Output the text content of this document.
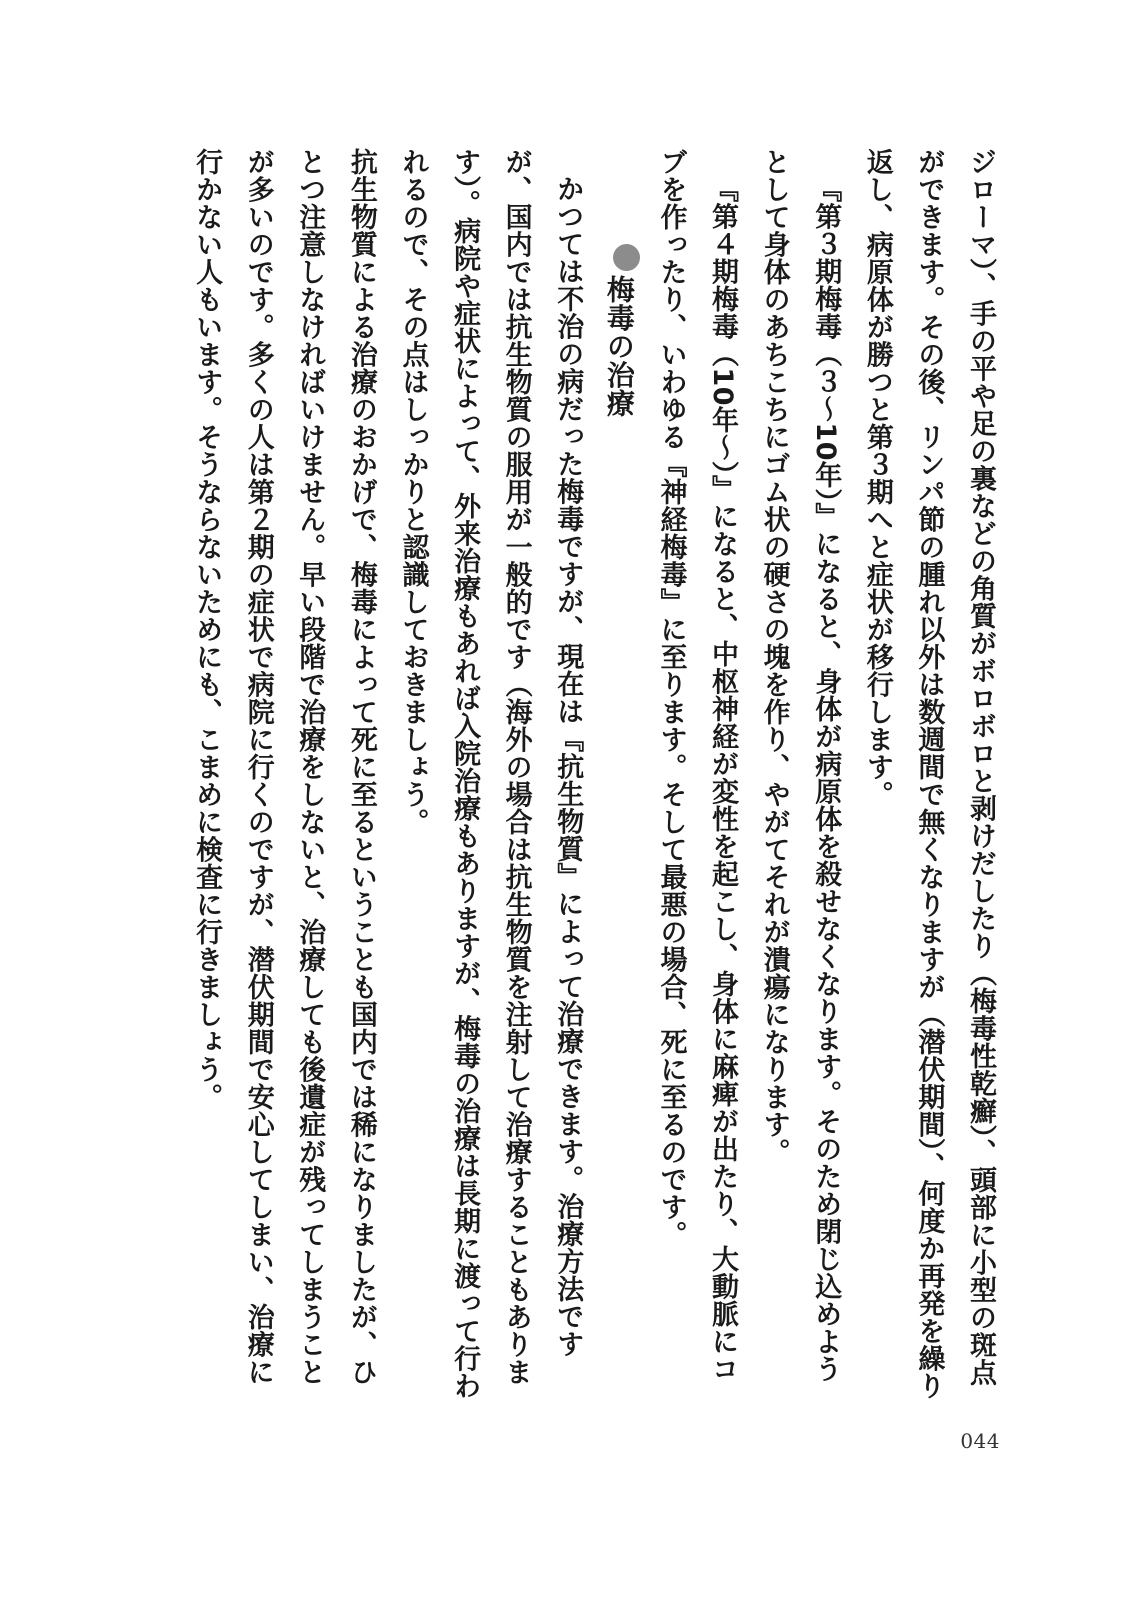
ジローマ）、手の平や足の裏などの角質がボロボロと剥けだしたり（梅毒性乾癬）、頭部に小型の斑点ができます。その後、リンパ節の腫れ以外は数週間で無くなりますが（潜伏期間）、何度か再発を繰り返し、病原体が勝つと第３期へと症状が移行します。

『第３期梅毒（３～10年）』になると、身体が病原体を殺せなくなります。そのため閉じ込めようとして身体のあちこちにゴム状の硬さの塊を作り、やがてそれが潰瘍になります。

『第４期梅毒（10年～）』になると、中枢神経が変性を起こし、身体に麻痺が出たり、大動脈にコブを作ったり、いわゆる『神経梅毒』に至ります。そして最悪の場合、死に至るのです。

梅毒の治療

かつては不治の病だった梅毒ですが、現在は『抗生物質』によって治療できます。治療方法ですが、国内では抗生物質の服用が一般的です（海外の場合は抗生物質を注射して治療することもあります）。病院や症状によって、外来治療もあれば入院治療もありますが、梅毒の治療は長期に渡って行われるので、その点はしっかりと認識しておきましょう。

抗生物質による治療のおかげで、梅毒によって死に至るということも国内では稀になりましたが、ひとつ注意しなければいけません。早い段階で治療をしないと、治療しても後遺症が残ってしまうことが多いのです。多くの人は第２期の症状で病院に行くのですが、潜伏期間で安心してしまい、治療に行かない人もいます。そうならないためにも、こまめに検査に行きましょう。

044
